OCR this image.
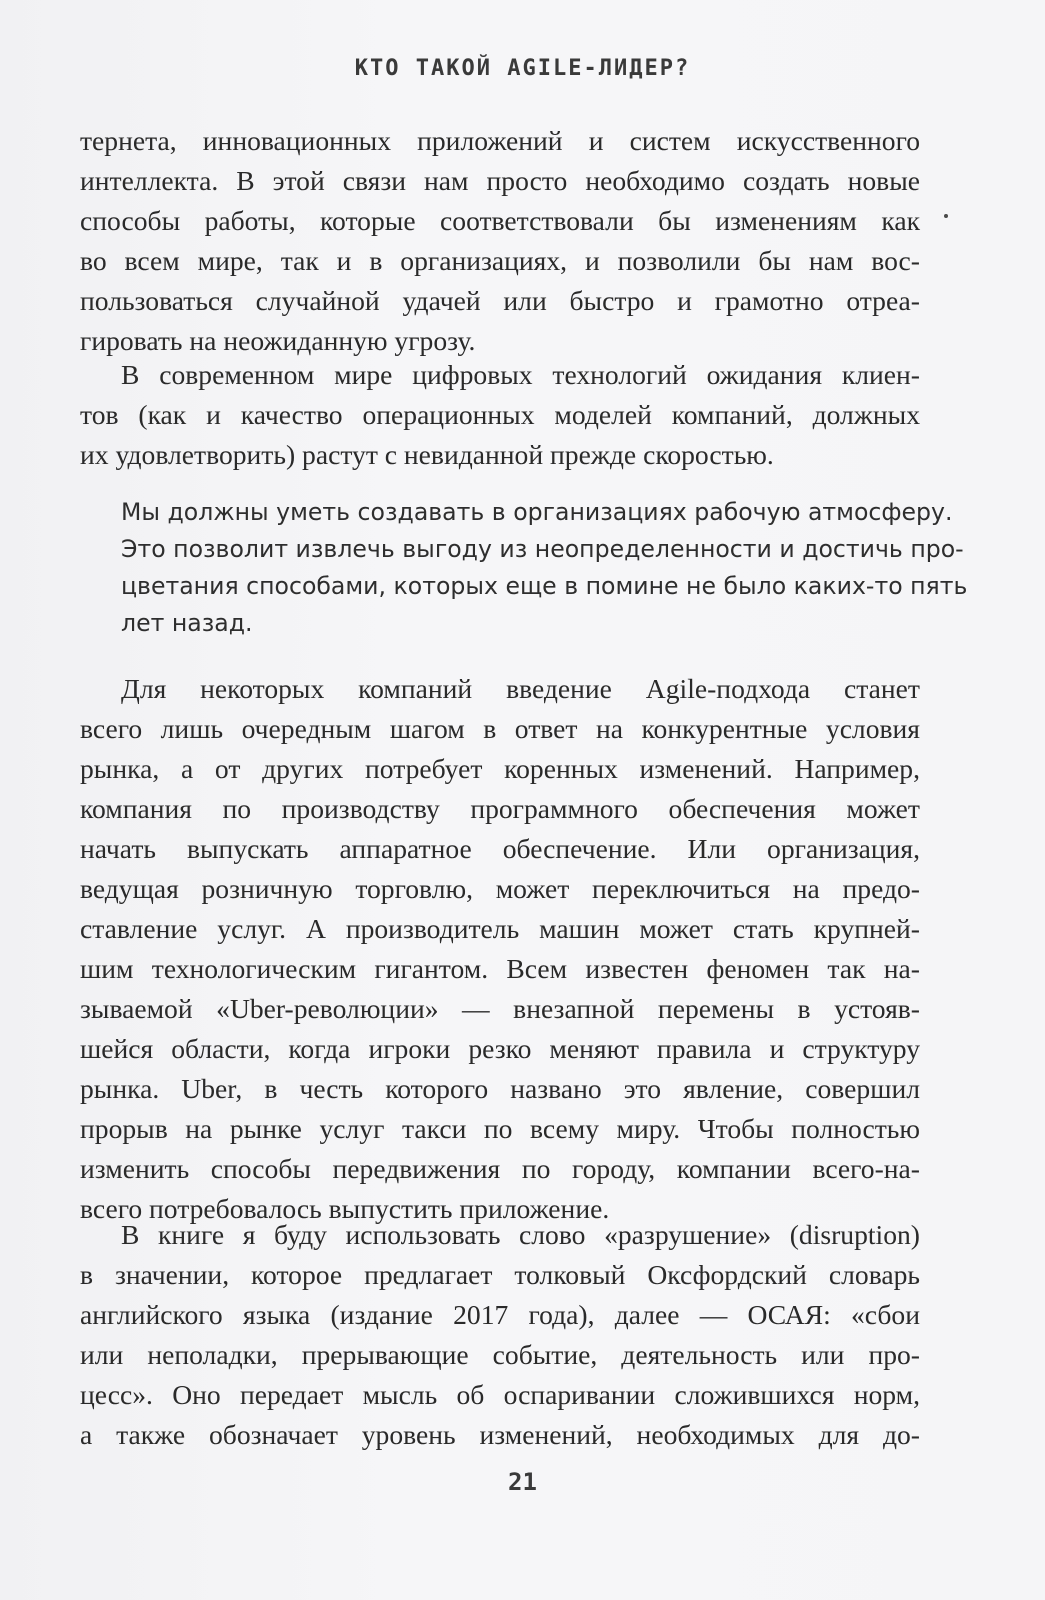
КТО ТАКОЙ AGILE-ЛИДЕР?
тернета, инновационных приложений и систем искусственного
интеллекта. В этой связи нам просто необходимо создать новые
способы работы, которые соответствовали бы изменениям как
во всем мире, так и в организациях, и позволили бы нам вос-
пользоваться случайной удачей или быстро и грамотно отреа-
гировать на неожиданную угрозу.
В современном мире цифровых технологий ожидания клиен-
тов (как и качество операционных моделей компаний, должных
их удовлетворить) растут с невиданной прежде скоростью.
Мы должны уметь создавать в организациях рабочую атмосферу.
Это позволит извлечь выгоду из неопределенности и достичь про-
цветания способами, которых еще в помине не было каких-то пять
лет назад.
Для некоторых компаний введение Agile-подхода станет
всего лишь очередным шагом в ответ на конкурентные условия
рынка, а от других потребует коренных изменений. Например,
компания по производству программного обеспечения может
начать выпускать аппаратное обеспечение. Или организация,
ведущая розничную торговлю, может переключиться на предо-
ставление услуг. А производитель машин может стать крупней-
шим технологическим гигантом. Всем известен феномен так на-
зываемой «Uber-революции» — внезапной перемены в устояв-
шейся области, когда игроки резко меняют правила и структуру
рынка. Uber, в честь которого названо это явление, совершил
прорыв на рынке услуг такси по всему миру. Чтобы полностью
изменить способы передвижения по городу, компании всего-на-
всего потребовалось выпустить приложение.
В книге я буду использовать слово «разрушение» (disruption)
в значении, которое предлагает толковый Оксфордский словарь
английского языка (издание 2017 года), далее — ОСАЯ: «сбои
или неполадки, прерывающие событие, деятельность или про-
цесс». Оно передает мысль об оспаривании сложившихся норм,
а также обозначает уровень изменений, необходимых для до-
21
